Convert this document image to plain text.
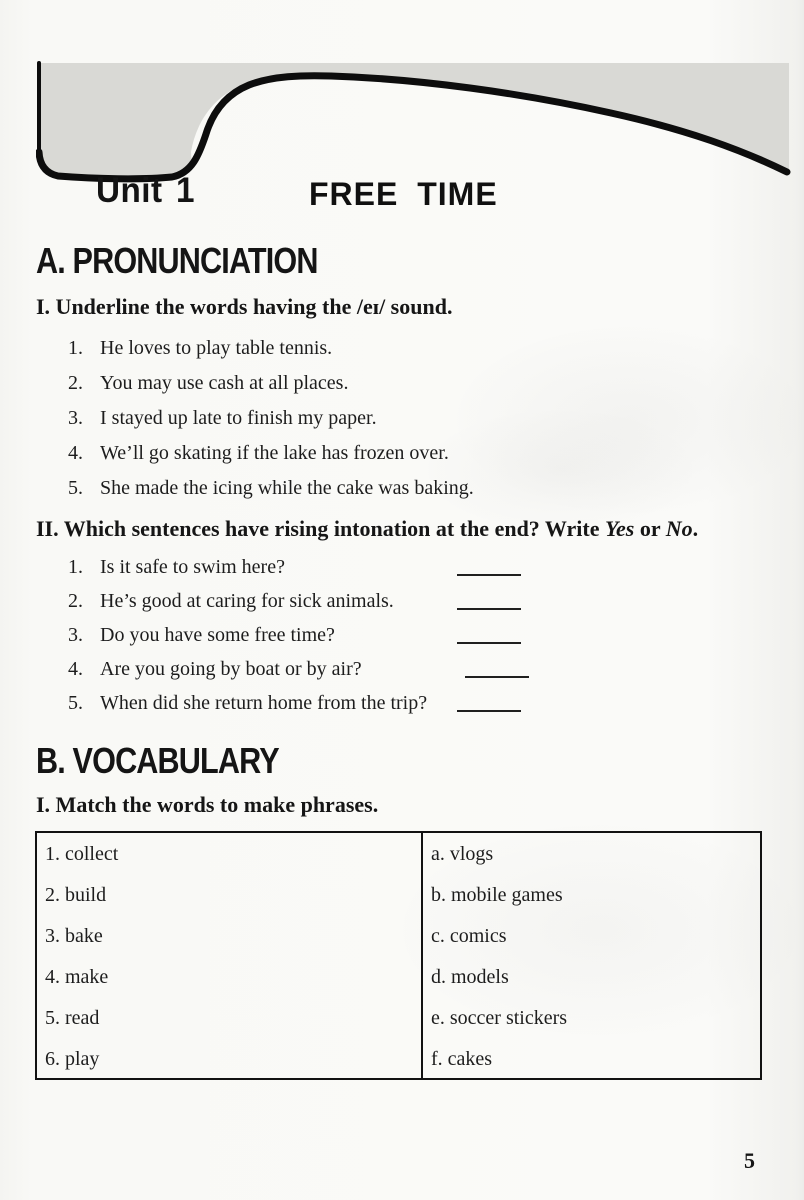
Unit 1	FREE TIME
A. PRONUNCIATION
I. Underline the words having the /eɪ/ sound.
1. He loves to play table tennis.
2. You may use cash at all places.
3. I stayed up late to finish my paper.
4. We’ll go skating if the lake has frozen over.
5. She made the icing while the cake was baking.
II. Which sentences have rising intonation at the end? Write Yes or No.
1. Is it safe to swim here?
2. He’s good at caring for sick animals.
3. Do you have some free time?
4. Are you going by boat or by air?
5. When did she return home from the trip?
B. VOCABULARY
I. Match the words to make phrases.
1. collect
2. build
3. bake
4. make
5. read
6. play
a. vlogs
b. mobile games
c. comics
d. models
e. soccer stickers
f. cakes
5
